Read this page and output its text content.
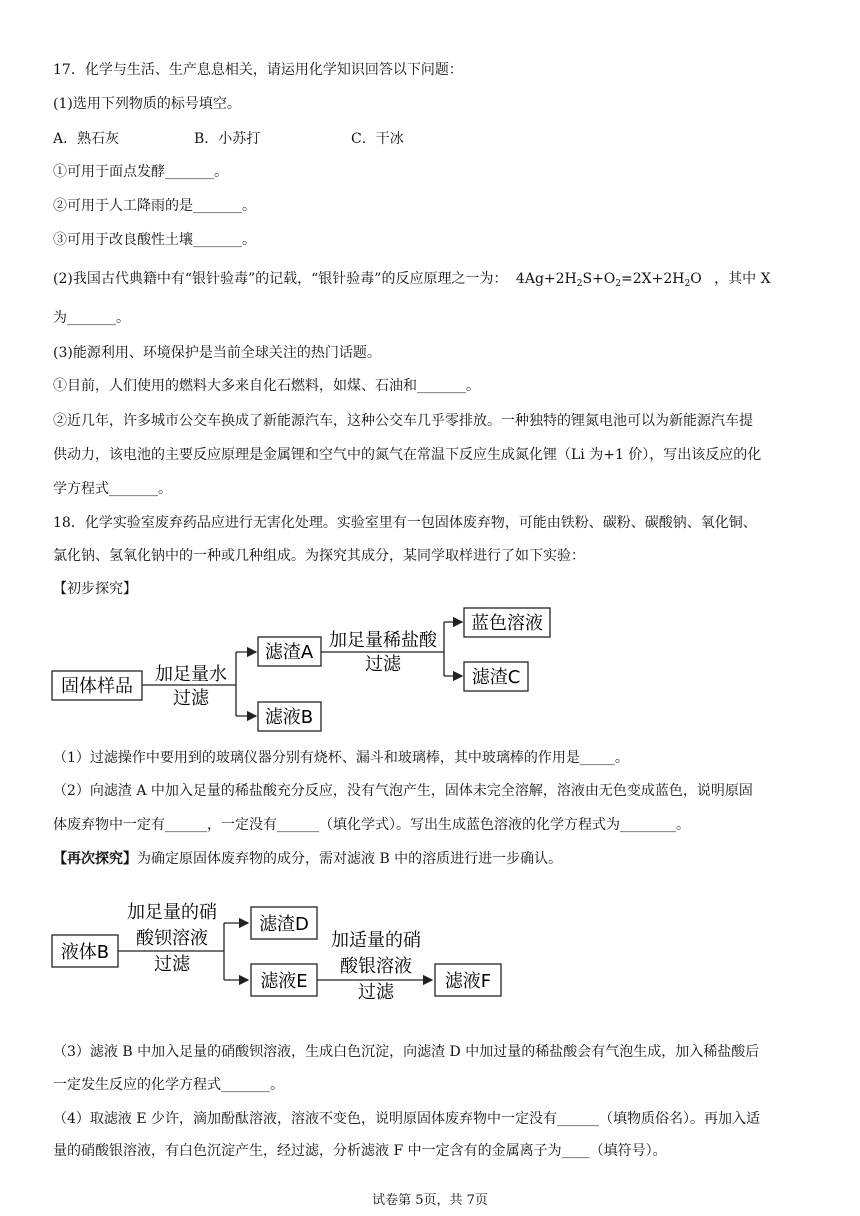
17．化学与生活、生产息息相关，请运用化学知识回答以下问题：
(1)选用下列物质的标号填空。
A．熟石灰	B．小苏打	C．干冰
①可用于面点发酵_______。
②可用于人工降雨的是_______。
③可用于改良酸性土壤_______。
(2)我国古代典籍中有“银针验毒”的记载，“银针验毒”的反应原理之一为： $4Ag+2H_2S+O_2=2X+2H_2O$ ，其中 X
为_______。
(3)能源利用、环境保护是当前全球关注的热门话题。
①目前，人们使用的燃料大多来自化石燃料，如煤、石油和_______。
②近几年，许多城市公交车换成了新能源汽车，这种公交车几乎零排放。一种独特的锂氮电池可以为新能源汽车提
供动力，该电池的主要反应原理是金属锂和空气中的氮气在常温下反应生成氮化锂（Li 为+1 价），写出该反应的化
学方程式_______。
18．化学实验室废弃药品应进行无害化处理。实验室里有一包固体废弃物，可能由铁粉、碳粉、碳酸钠、氧化铜、
氯化钠、氢氧化钠中的一种或几种组成。为探究其成分，某同学取样进行了如下实验：
【初步探究】
固体样品
加足量水
过滤
滤渣A
滤液B
加足量稀盐酸
过滤
蓝色溶液
滤渣C
（1）过滤操作中要用到的玻璃仪器分别有烧杯、漏斗和玻璃棒，其中玻璃棒的作用是_____。
（2）向滤渣 A 中加入足量的稀盐酸充分反应，没有气泡产生，固体未完全溶解，溶液由无色变成蓝色，说明原固
体废弃物中一定有______，一定没有______（填化学式）。写出生成蓝色溶液的化学方程式为________。
【再次探究】为确定原固体废弃物的成分，需对滤液 B 中的溶质进行进一步确认。
液体B
加足量的硝
酸钡溶液
过滤
滤渣D
滤液E
加适量的硝
酸银溶液
过滤
滤液F
（3）滤液 B 中加入足量的硝酸钡溶液，生成白色沉淀，向滤渣 D 中加过量的稀盐酸会有气泡生成，加入稀盐酸后
一定发生反应的化学方程式_______。
（4）取滤液 E 少许，滴加酚酞溶液，溶液不变色，说明原固体废弃物中一定没有______（填物质俗名）。再加入适
量的硝酸银溶液，有白色沉淀产生，经过滤，分析滤液 F 中一定含有的金属离子为____（填符号）。
试卷第 5页，共 7页
